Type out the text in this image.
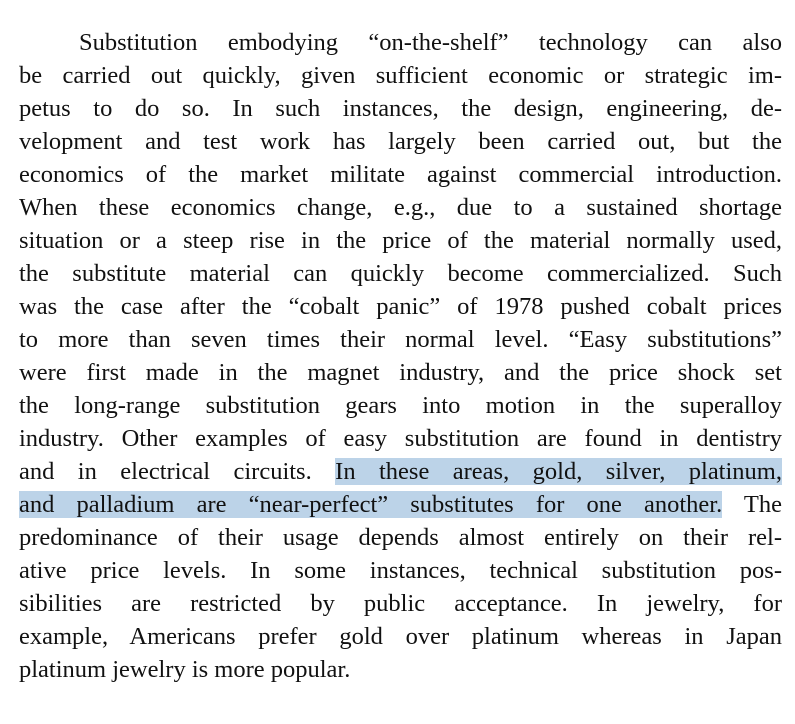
Substitution embodying “on-the-shelf” technology can also
be carried out quickly, given sufficient economic or strategic im-
petus to do so. In such instances, the design, engineering, de-
velopment and test work has largely been carried out, but the
economics of the market militate against commercial introduction.
When these economics change, e.g., due to a sustained shortage
situation or a steep rise in the price of the material normally used,
the substitute material can quickly become commercialized. Such
was the case after the “cobalt panic” of 1978 pushed cobalt prices
to more than seven times their normal level. “Easy substitutions”
were first made in the magnet industry, and the price shock set
the long-range substitution gears into motion in the superalloy
industry. Other examples of easy substitution are found in dentistry
and in electrical circuits. In these areas, gold, silver, platinum,
and palladium are “near-perfect” substitutes for one another. The
predominance of their usage depends almost entirely on their rel-
ative price levels. In some instances, technical substitution pos-
sibilities are restricted by public acceptance. In jewelry, for
example, Americans prefer gold over platinum whereas in Japan
platinum jewelry is more popular.
